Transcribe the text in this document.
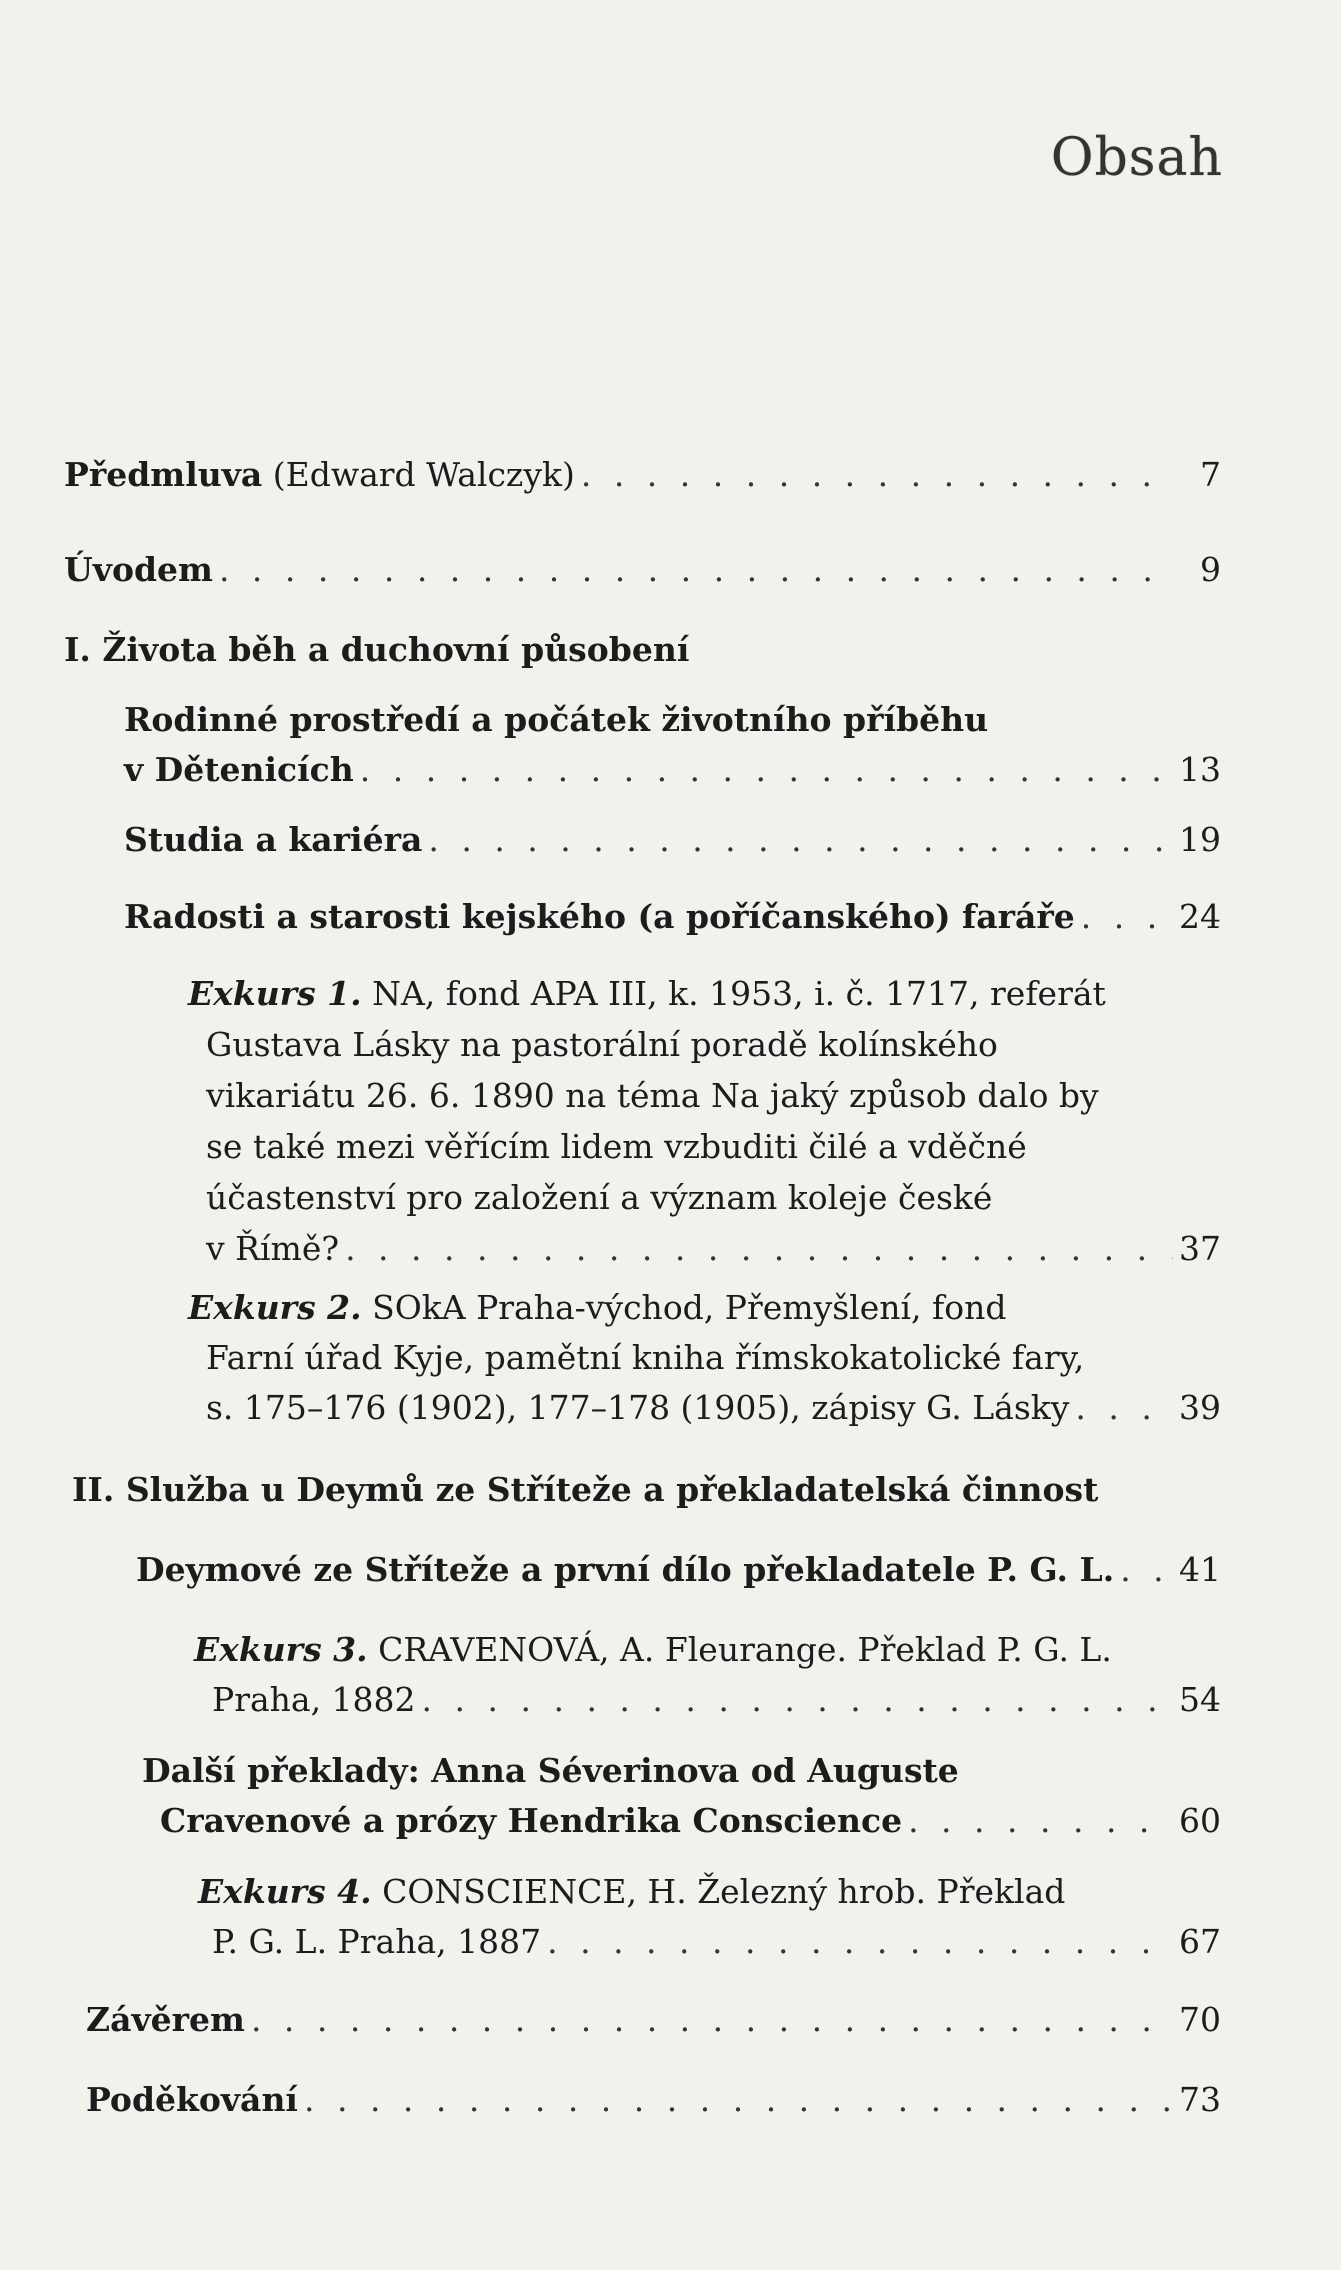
Obsah
Předmluva (Edward Walczyk) . . .	7
Úvodem . . .	9
I. Života běh a duchovní působení
Rodinné prostředí a počátek životního příběhu
v Dětenicích . . .	13
Studia a kariéra . . .	19
Radosti a starosti kejského (a poříčanského) faráře . . .	24
Exkurs 1. NA, fond APA III, k. 1953, i. č. 1717, referát
Gustava Lásky na pastorální poradě kolínského
vikariátu 26. 6. 1890 na téma Na jaký způsob dalo by
se také mezi věřícím lidem vzbuditi čilé a vděčné
účastenství pro založení a význam koleje české
v Římě? . . .	37
Exkurs 2. SOkA Praha-východ, Přemyšlení, fond
Farní úřad Kyje, pamětní kniha římskokatolické fary,
s. 175–176 (1902), 177–178 (1905), zápisy G. Lásky . . .	39
II. Služba u Deymů ze Stříteže a překladatelská činnost
Deymové ze Stříteže a první dílo překladatele P. G. L. . . . 41
Exkurs 3. CRAVENOVÁ, A. Fleurange. Překlad P. G. L.
Praha, 1882 . . .	54
Další překlady: Anna Séverinova od Auguste
Cravenové a prózy Hendrika Conscience . . .	60
Exkurs 4. CONSCIENCE, H. Železný hrob. Překlad
P. G. L. Praha, 1887 . . .	67
Závěrem . . .	70
Poděkování . . .	73
